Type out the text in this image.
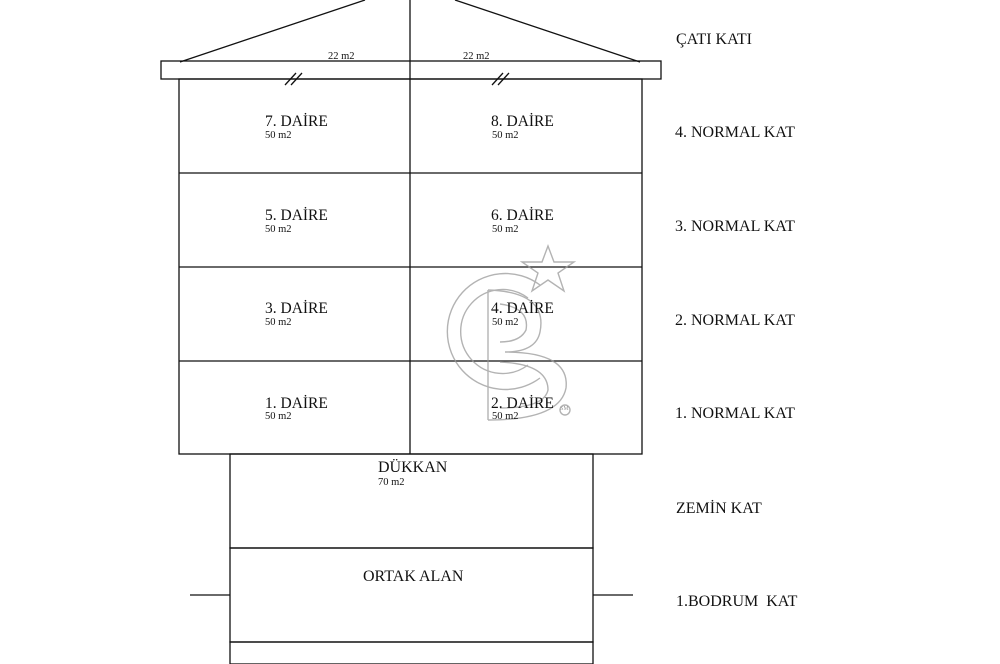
22 m2	22 m2
7. DAİRE
50 m2
8. DAİRE
50 m2
5. DAİRE
50 m2
6. DAİRE
50 m2
3. DAİRE
50 m2
4. DAİRE
50 m2
1. DAİRE
50 m2
2. DAİRE
50 m2
DÜKKAN
70 m2
ORTAK ALAN
SM
ÇATI KATI
4. NORMAL KAT
3. NORMAL KAT
2. NORMAL KAT
1. NORMAL KAT
ZEMİN KAT
1.BODRUM  KAT
